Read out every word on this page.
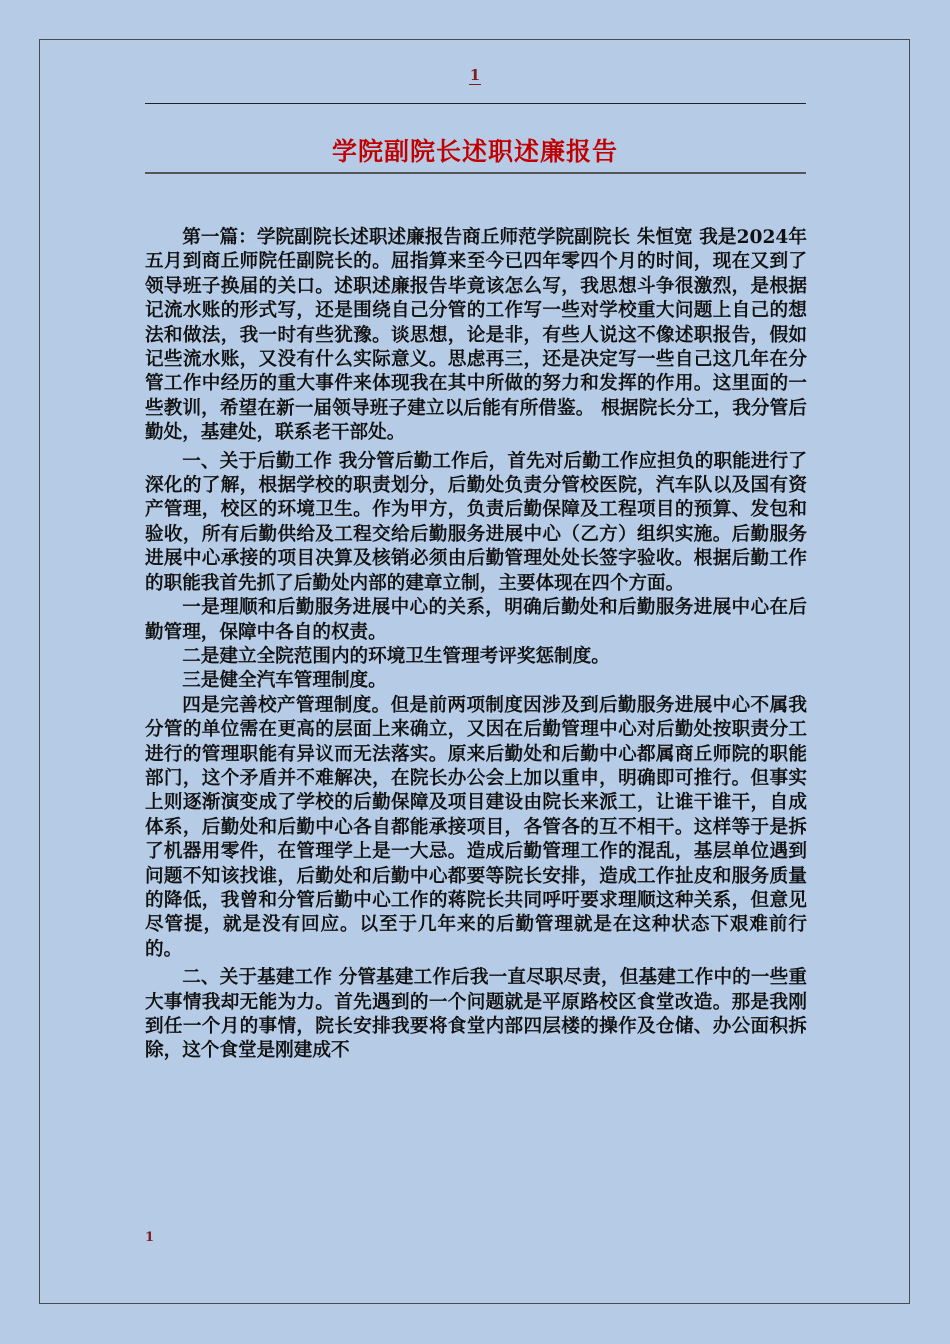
1
学院副院长述职述廉报告

第一篇：学院副院长述职述廉报告商丘师范学院副院长 朱恒宽 我是2024年五月到商丘师院任副院长的。屈指算来至今已四年零四个月的时间，现在又到了领导班子换届的关口。述职述廉报告毕竟该怎么写，我思想斗争很激烈，是根据记流水账的形式写，还是围绕自己分管的工作写一些对学校重大问题上自己的想法和做法，我一时有些犹豫。谈思想，论是非，有些人说这不像述职报告，假如记些流水账，又没有什么实际意义。思虑再三，还是决定写一些自己这几年在分管工作中经历的重大事件来体现我在其中所做的努力和发挥的作用。这里面的一些教训，希望在新一届领导班子建立以后能有所借鉴。 根据院长分工，我分管后勤处，基建处，联系老干部处。

一、关于后勤工作 我分管后勤工作后，首先对后勤工作应担负的职能进行了深化的了解，根据学校的职责划分，后勤处负责分管校医院，汽车队以及国有资产管理，校区的环境卫生。作为甲方，负责后勤保障及工程项目的预算、发包和验收，所有后勤供给及工程交给后勤服务进展中心（乙方）组织实施。后勤服务进展中心承接的项目决算及核销必须由后勤管理处处长签字验收。根据后勤工作的职能我首先抓了后勤处内部的建章立制，主要体现在四个方面。

一是理顺和后勤服务进展中心的关系，明确后勤处和后勤服务进展中心在后勤管理，保障中各自的权责。

二是建立全院范围内的环境卫生管理考评奖惩制度。

三是健全汽车管理制度。

四是完善校产管理制度。但是前两项制度因涉及到后勤服务进展中心不属我分管的单位需在更高的层面上来确立，又因在后勤管理中心对后勤处按职责分工进行的管理职能有异议而无法落实。原来后勤处和后勤中心都属商丘师院的职能部门，这个矛盾并不难解决，在院长办公会上加以重申，明确即可推行。但事实上则逐渐演变成了学校的后勤保障及项目建设由院长来派工，让谁干谁干，自成体系，后勤处和后勤中心各自都能承接项目，各管各的互不相干。这样等于是拆了机器用零件，在管理学上是一大忌。造成后勤管理工作的混乱，基层单位遇到问题不知该找谁，后勤处和后勤中心都要等院长安排，造成工作扯皮和服务质量的降低，我曾和分管后勤中心工作的蒋院长共同呼吁要求理顺这种关系，但意见尽管提，就是没有回应。以至于几年来的后勤管理就是在这种状态下艰难前行的。

二、关于基建工作 分管基建工作后我一直尽职尽责，但基建工作中的一些重大事情我却无能为力。首先遇到的一个问题就是平原路校区食堂改造。那是我刚到任一个月的事情，院长安排我要将食堂内部四层楼的操作及仓储、办公面积拆除，这个食堂是刚建成不

1
